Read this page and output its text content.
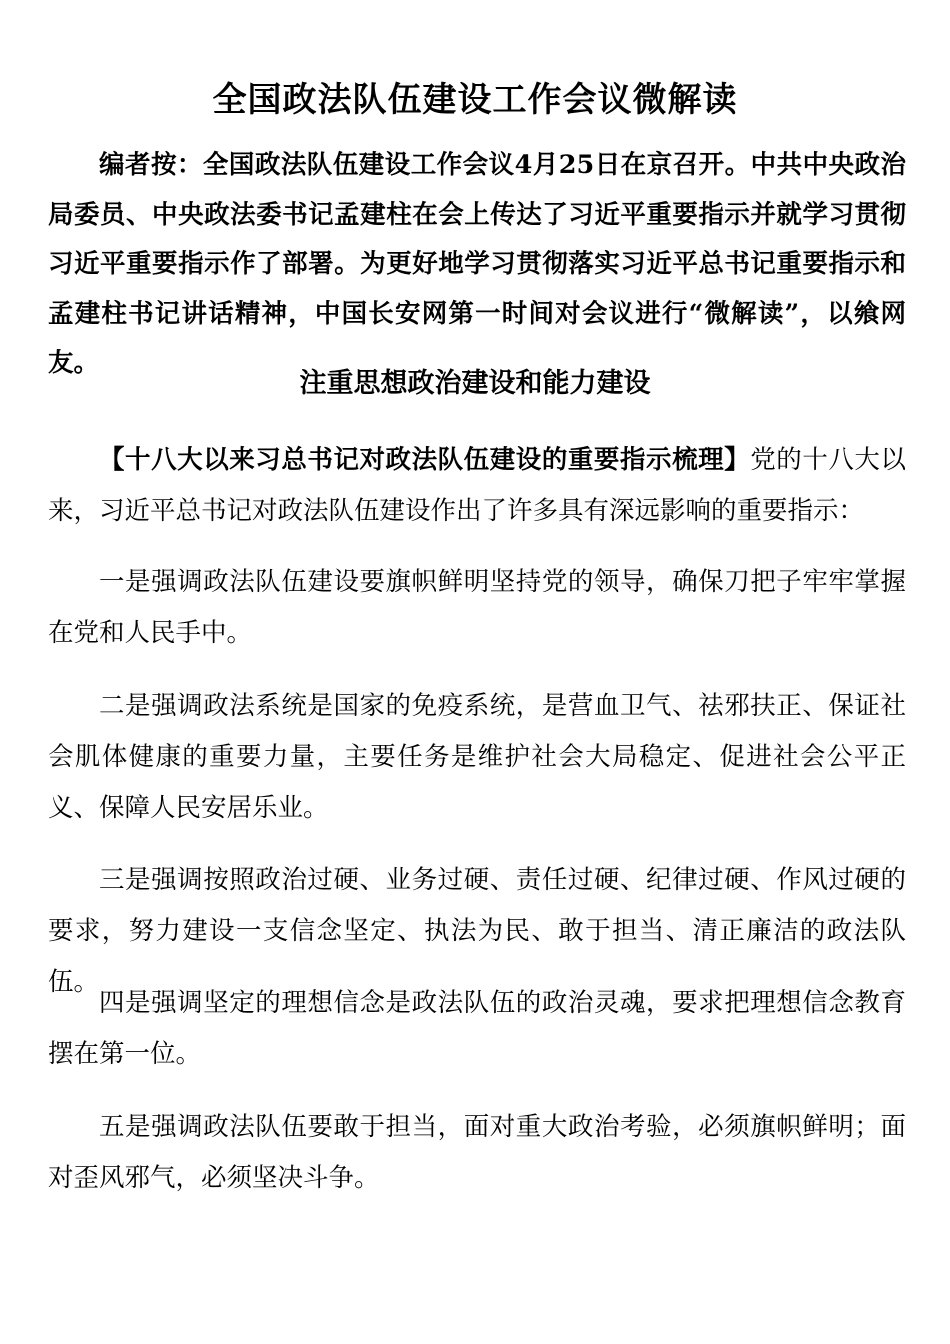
全国政法队伍建设工作会议微解读
编者按：全国政法队伍建设工作会议4月25日在京召开。中共中央政治局委员、中央政法委书记孟建柱在会上传达了习近平重要指示并就学习贯彻习近平重要指示作了部署。为更好地学习贯彻落实习近平总书记重要指示和孟建柱书记讲话精神，中国长安网第一时间对会议进行“微解读”，以飨网友。
注重思想政治建设和能力建设
【十八大以来习总书记对政法队伍建设的重要指示梳理】党的十八大以来，习近平总书记对政法队伍建设作出了许多具有深远影响的重要指示：
一是强调政法队伍建设要旗帜鲜明坚持党的领导，确保刀把子牢牢掌握在党和人民手中。
二是强调政法系统是国家的免疫系统，是营血卫气、祛邪扶正、保证社会肌体健康的重要力量，主要任务是维护社会大局稳定、促进社会公平正义、保障人民安居乐业。
三是强调按照政治过硬、业务过硬、责任过硬、纪律过硬、作风过硬的要求，努力建设一支信念坚定、执法为民、敢于担当、清正廉洁的政法队伍。
四是强调坚定的理想信念是政法队伍的政治灵魂，要求把理想信念教育摆在第一位。
五是强调政法队伍要敢于担当，面对重大政治考验，必须旗帜鲜明；面对歪风邪气，必须坚决斗争。
